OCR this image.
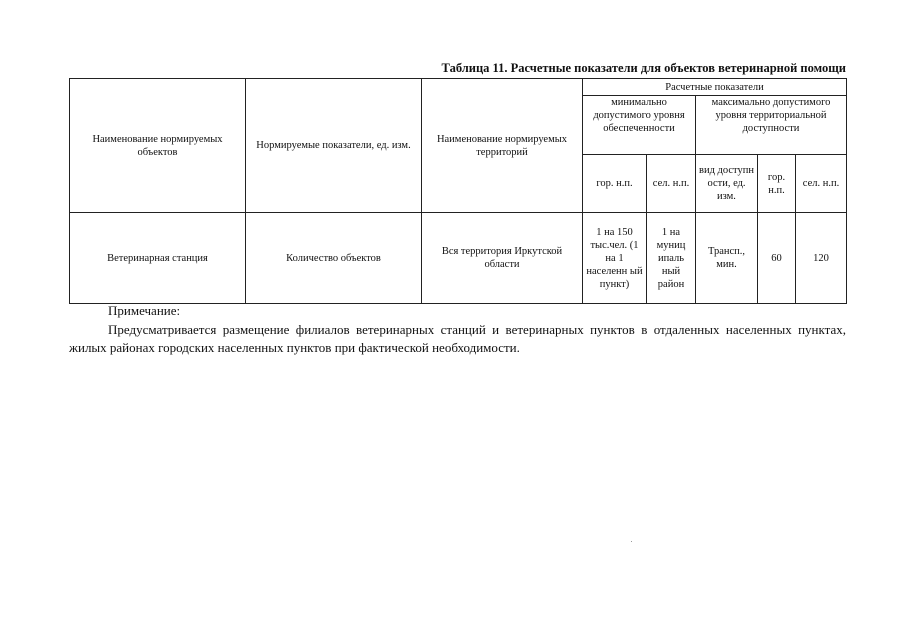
Таблица 11. Расчетные показатели для объектов ветеринарной помощи
Наименование нормируемых объектов	Нормируемые показатели, ед. изм.	Наименование нормируемых территорий	Расчетные показатели				
			минимально допустимого уровня обеспеченности		максимально допустимого уровня территориальной доступности		
			гор. н.п.	сел. н.п.	вид доступн ости, ед. изм.	гор. н.п.	сел. н.п.
Ветеринарная станция	Количество объектов	Вся территория Иркутской области	1 на 150 тыс.чел. (1 на 1 населенн ый пункт)	1 на муниц ипаль ный район	Трансп., мин.	60	120
Примечание:

Предусматривается размещение филиалов ветеринарных станций и ветеринарных пунктов в отдаленных населенных пунктах, жилых районах городских населенных пунктов при фактической необходимости.
